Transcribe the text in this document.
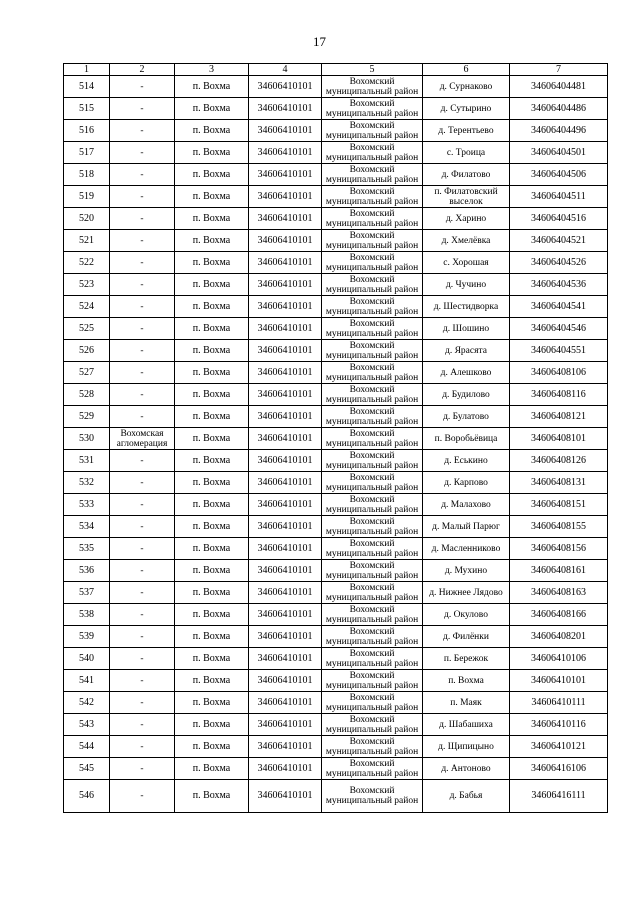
17
1	2	3	4	5	6	7
514	-	п. Вохма	34606410101	Вохомский муниципальный район	д. Сурнаково	34606404481
515	-	п. Вохма	34606410101	Вохомский муниципальный район	д. Сутырино	34606404486
516	-	п. Вохма	34606410101	Вохомский муниципальный район	д. Терентьево	34606404496
517	-	п. Вохма	34606410101	Вохомский муниципальный район	с. Троица	34606404501
518	-	п. Вохма	34606410101	Вохомский муниципальный район	д. Филатово	34606404506
519	-	п. Вохма	34606410101	Вохомский муниципальный район	п. Филатовский выселок	34606404511
520	-	п. Вохма	34606410101	Вохомский муниципальный район	д. Харино	34606404516
521	-	п. Вохма	34606410101	Вохомский муниципальный район	д. Хмелёвка	34606404521
522	-	п. Вохма	34606410101	Вохомский муниципальный район	с. Хорошая	34606404526
523	-	п. Вохма	34606410101	Вохомский муниципальный район	д. Чучино	34606404536
524	-	п. Вохма	34606410101	Вохомский муниципальный район	д. Шестидворка	34606404541
525	-	п. Вохма	34606410101	Вохомский муниципальный район	д. Шошино	34606404546
526	-	п. Вохма	34606410101	Вохомский муниципальный район	д. Ярасята	34606404551
527	-	п. Вохма	34606410101	Вохомский муниципальный район	д. Алешково	34606408106
528	-	п. Вохма	34606410101	Вохомский муниципальный район	д. Будилово	34606408116
529	-	п. Вохма	34606410101	Вохомский муниципальный район	д. Булатово	34606408121
530	Вохомская агломерация	п. Вохма	34606410101	Вохомский муниципальный район	п. Воробьёвица	34606408101
531	-	п. Вохма	34606410101	Вохомский муниципальный район	д. Еськино	34606408126
532	-	п. Вохма	34606410101	Вохомский муниципальный район	д. Карпово	34606408131
533	-	п. Вохма	34606410101	Вохомский муниципальный район	д. Малахово	34606408151
534	-	п. Вохма	34606410101	Вохомский муниципальный район	д. Малый Парюг	34606408155
535	-	п. Вохма	34606410101	Вохомский муниципальный район	д. Масленниково	34606408156
536	-	п. Вохма	34606410101	Вохомский муниципальный район	д. Мухино	34606408161
537	-	п. Вохма	34606410101	Вохомский муниципальный район	д. Нижнее Лядово	34606408163
538	-	п. Вохма	34606410101	Вохомский муниципальный район	д. Окулово	34606408166
539	-	п. Вохма	34606410101	Вохомский муниципальный район	д. Филёнки	34606408201
540	-	п. Вохма	34606410101	Вохомский муниципальный район	п. Бережок	34606410106
541	-	п. Вохма	34606410101	Вохомский муниципальный район	п. Вохма	34606410101
542	-	п. Вохма	34606410101	Вохомский муниципальный район	п. Маяк	34606410111
543	-	п. Вохма	34606410101	Вохомский муниципальный район	д. Шабашиха	34606410116
544	-	п. Вохма	34606410101	Вохомский муниципальный район	д. Щипицыно	34606410121
545	-	п. Вохма	34606410101	Вохомский муниципальный район	д. Антоново	34606416106
546	-	п. Вохма	34606410101	Вохомский муниципальный район	д. Бабья	34606416111
